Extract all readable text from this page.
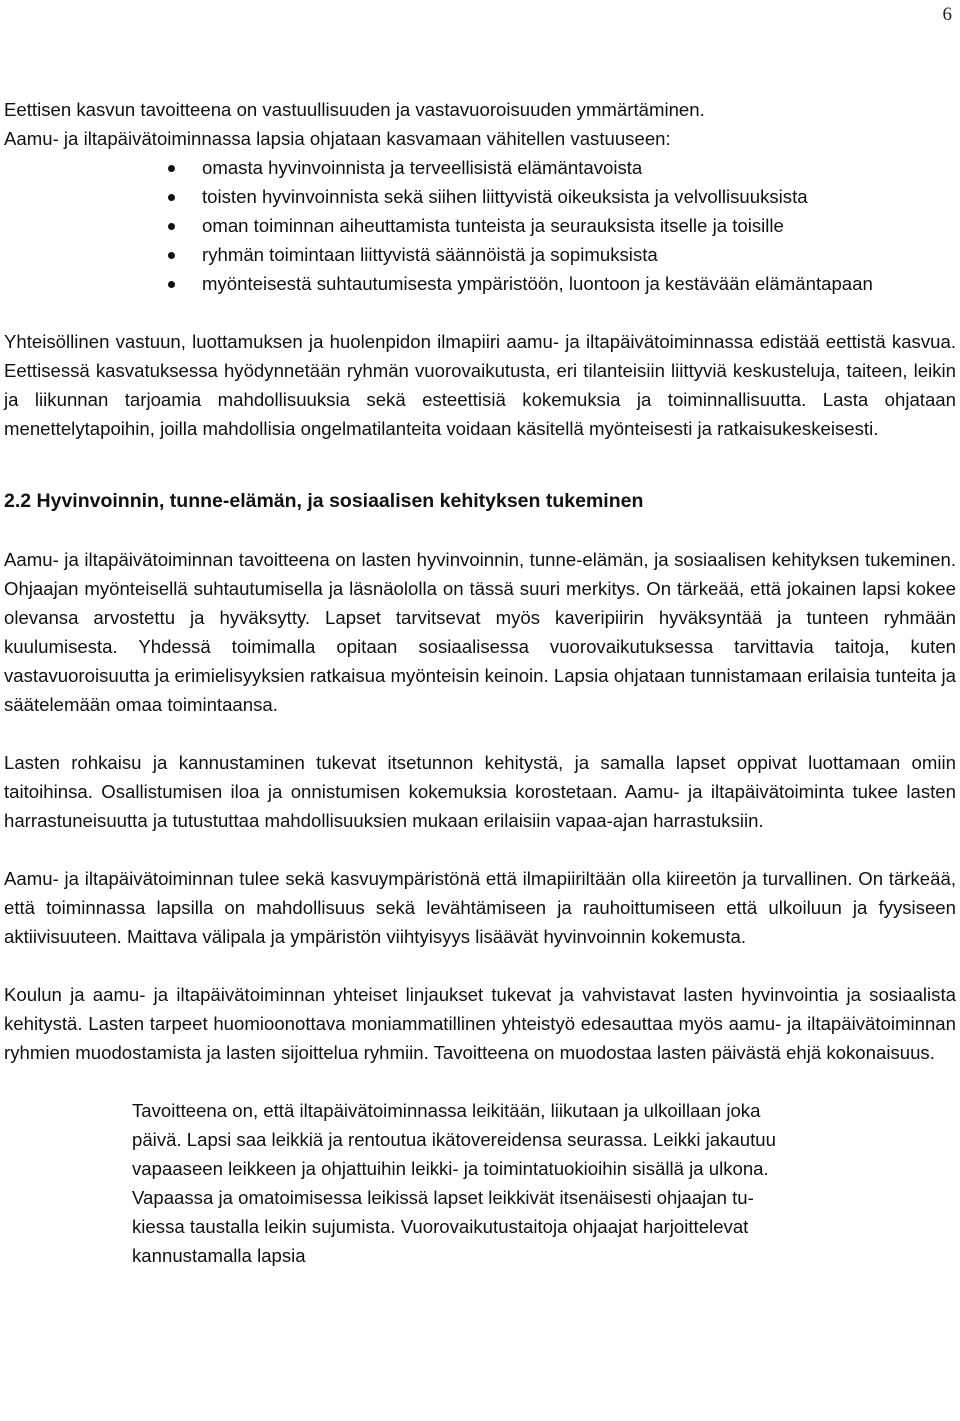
6

Eettisen kasvun tavoitteena on vastuullisuuden ja vastavuoroisuuden ymmärtäminen.

Aamu- ja iltapäivätoiminnassa lapsia ohjataan kasvamaan vähitellen vastuuseen:

omasta hyvinvoinnista ja terveellisistä elämäntavoista
toisten hyvinvoinnista sekä siihen liittyvistä oikeuksista ja velvollisuuksista
oman toiminnan aiheuttamista tunteista ja seurauksista itselle ja toisille
ryhmän toimintaan liittyvistä säännöistä ja sopimuksista
myönteisestä suhtautumisesta ympäristöön, luontoon ja kestävään elämäntapaan

Yhteisöllinen vastuun, luottamuksen ja huolenpidon ilmapiiri aamu- ja iltapäivätoiminnassa edistää eettistä kasvua. Eettisessä kasvatuksessa hyödynnetään ryhmän vuorovaikutusta, eri tilanteisiin liittyviä keskusteluja, taiteen, leikin ja liikunnan tarjoamia mahdollisuuksia sekä esteettisiä kokemuksia ja toiminnallisuutta. Lasta ohjataan menettelytapoihin, joilla mahdollisia ongelmatilanteita voidaan käsitellä myönteisesti ja ratkaisukeskeisesti.

2.2 Hyvinvoinnin, tunne-elämän, ja sosiaalisen kehityksen tukeminen

Aamu- ja iltapäivätoiminnan tavoitteena on lasten hyvinvoinnin, tunne-elämän, ja sosiaalisen kehityksen tukeminen. Ohjaajan myönteisellä suhtautumisella ja läsnäololla on tässä suuri merkitys. On tärkeää, että jokainen lapsi kokee olevansa arvostettu ja hyväksytty. Lapset tarvitsevat myös kaveripiirin hyväksyntää ja tunteen ryhmään kuulumisesta. Yhdessä toimimalla opitaan sosiaalisessa vuorovaikutuksessa tarvittavia taitoja, kuten vastavuoroisuutta ja erimielisyyksien ratkaisua myönteisin keinoin. Lapsia ohjataan tunnistamaan erilaisia tunteita ja säätelemään omaa toimintaansa.

Lasten rohkaisu ja kannustaminen tukevat itsetunnon kehitystä, ja samalla lapset oppivat luottamaan omiin taitoihinsa. Osallistumisen iloa ja onnistumisen kokemuksia korostetaan. Aamu- ja iltapäivätoiminta tukee lasten harrastuneisuutta ja tutustuttaa mahdollisuuksien mukaan erilaisiin vapaa-ajan harrastuksiin.

Aamu- ja iltapäivätoiminnan tulee sekä kasvuympäristönä että ilmapiiriltään olla kiireetön ja turvallinen. On tärkeää, että toiminnassa lapsilla on mahdollisuus sekä levähtämiseen ja rauhoittumiseen että ulkoiluun ja fyysiseen aktiivisuuteen. Maittava välipala ja ympäristön viihtyisyys lisäävät hyvinvoinnin kokemusta.

Koulun ja aamu- ja iltapäivätoiminnan yhteiset linjaukset tukevat ja vahvistavat lasten hyvinvointia ja sosiaalista kehitystä. Lasten tarpeet huomioonottava moniammatillinen yhteistyö edesauttaa myös aamu- ja iltapäivätoiminnan ryhmien muodostamista ja lasten sijoittelua ryhmiin. Tavoitteena on muodostaa lasten päivästä ehjä kokonaisuus.

Tavoitteena on, että iltapäivätoiminnassa leikitään, liikutaan ja ulkoillaan joka

päivä. Lapsi saa leikkiä ja rentoutua ikätovereidensa seurassa. Leikki jakautuu

vapaaseen leikkeen ja ohjattuihin leikki- ja toimintatuokioihin sisällä ja ulkona.

Vapaassa ja omatoimisessa leikissä lapset leikkivät itsenäisesti ohjaajan tu-

kiessa taustalla leikin sujumista. Vuorovaikutustaitoja ohjaajat harjoittelevat

kannustamalla lapsia
